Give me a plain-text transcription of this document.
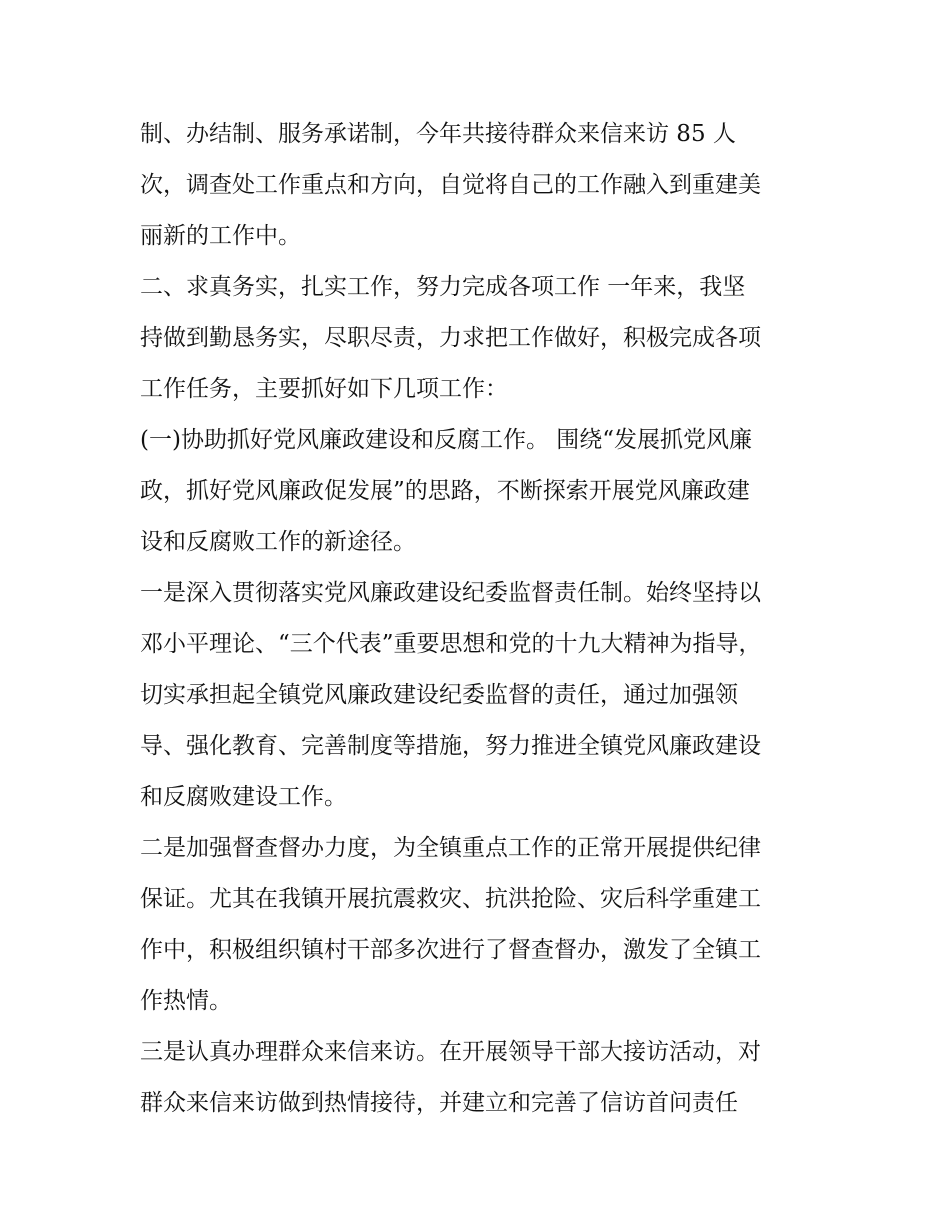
制、办结制、服务承诺制，今年共接待群众来信来访 85 人
次，调查处工作重点和方向，自觉将自己的工作融入到重建美
丽新的工作中。
二、求真务实，扎实工作，努力完成各项工作 一年来，我坚
持做到勤恳务实，尽职尽责，力求把工作做好，积极完成各项
工作任务，主要抓好如下几项工作：
(一)协助抓好党风廉政建设和反腐工作。 围绕“发展抓党风廉
政，抓好党风廉政促发展”的思路，不断探索开展党风廉政建
设和反腐败工作的新途径。
一是深入贯彻落实党风廉政建设纪委监督责任制。始终坚持以
邓小平理论、“三个代表”重要思想和党的十九大精神为指导，
切实承担起全镇党风廉政建设纪委监督的责任，通过加强领
导、强化教育、完善制度等措施，努力推进全镇党风廉政建设
和反腐败建设工作。
二是加强督查督办力度，为全镇重点工作的正常开展提供纪律
保证。尤其在我镇开展抗震救灾、抗洪抢险、灾后科学重建工
作中，积极组织镇村干部多次进行了督查督办，激发了全镇工
作热情。
三是认真办理群众来信来访。在开展领导干部大接访活动，对
群众来信来访做到热情接待，并建立和完善了信访首问责任
